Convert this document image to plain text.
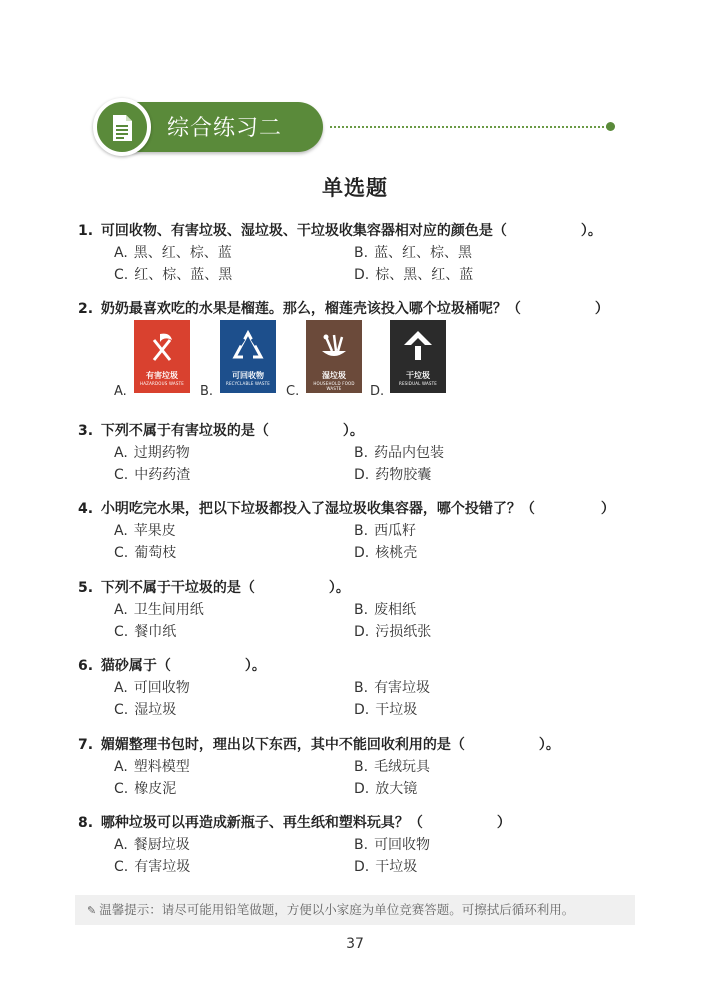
综合练习二
单选题
1. 可回收物、有害垃圾、湿垃圾、干垃圾收集容器相对应的颜色是（	）。
A. 黑、红、棕、蓝	B. 蓝、红、棕、黑
C. 红、棕、蓝、黑	D. 棕、黑、红、蓝
2. 奶奶最喜欢吃的水果是榴莲。那么，榴莲壳该投入哪个垃圾桶呢？（	）
A.
有害垃圾
HAZARDOUS WASTE
B.
可回收物
RECYCLABLE WASTE
C.
湿垃圾
HOUSEHOLD FOOD WASTE	D.
干垃圾
RESIDUAL WASTE
3. 下列不属于有害垃圾的是（	）。
A. 过期药物	B. 药品内包装
C. 中药药渣	D. 药物胶囊
4. 小明吃完水果，把以下垃圾都投入了湿垃圾收集容器，哪个投错了？（	）
A. 苹果皮	B. 西瓜籽
C. 葡萄枝	D. 核桃壳
5. 下列不属于干垃圾的是（	）。
A. 卫生间用纸	B. 废相纸
C. 餐巾纸	D. 污损纸张
6. 猫砂属于（	）。
A. 可回收物	B. 有害垃圾
C. 湿垃圾	D. 干垃圾
7. 媚媚整理书包时，理出以下东西，其中不能回收利用的是（	）。
A. 塑料模型	B. 毛绒玩具
C. 橡皮泥	D. 放大镜
8. 哪种垃圾可以再造成新瓶子、再生纸和塑料玩具？（	）
A. 餐厨垃圾	B. 可回收物
C. 有害垃圾	D. 干垃圾
✎ 温馨提示：请尽可能用铅笔做题，方便以小家庭为单位竞赛答题。可擦拭后循环利用。
37
